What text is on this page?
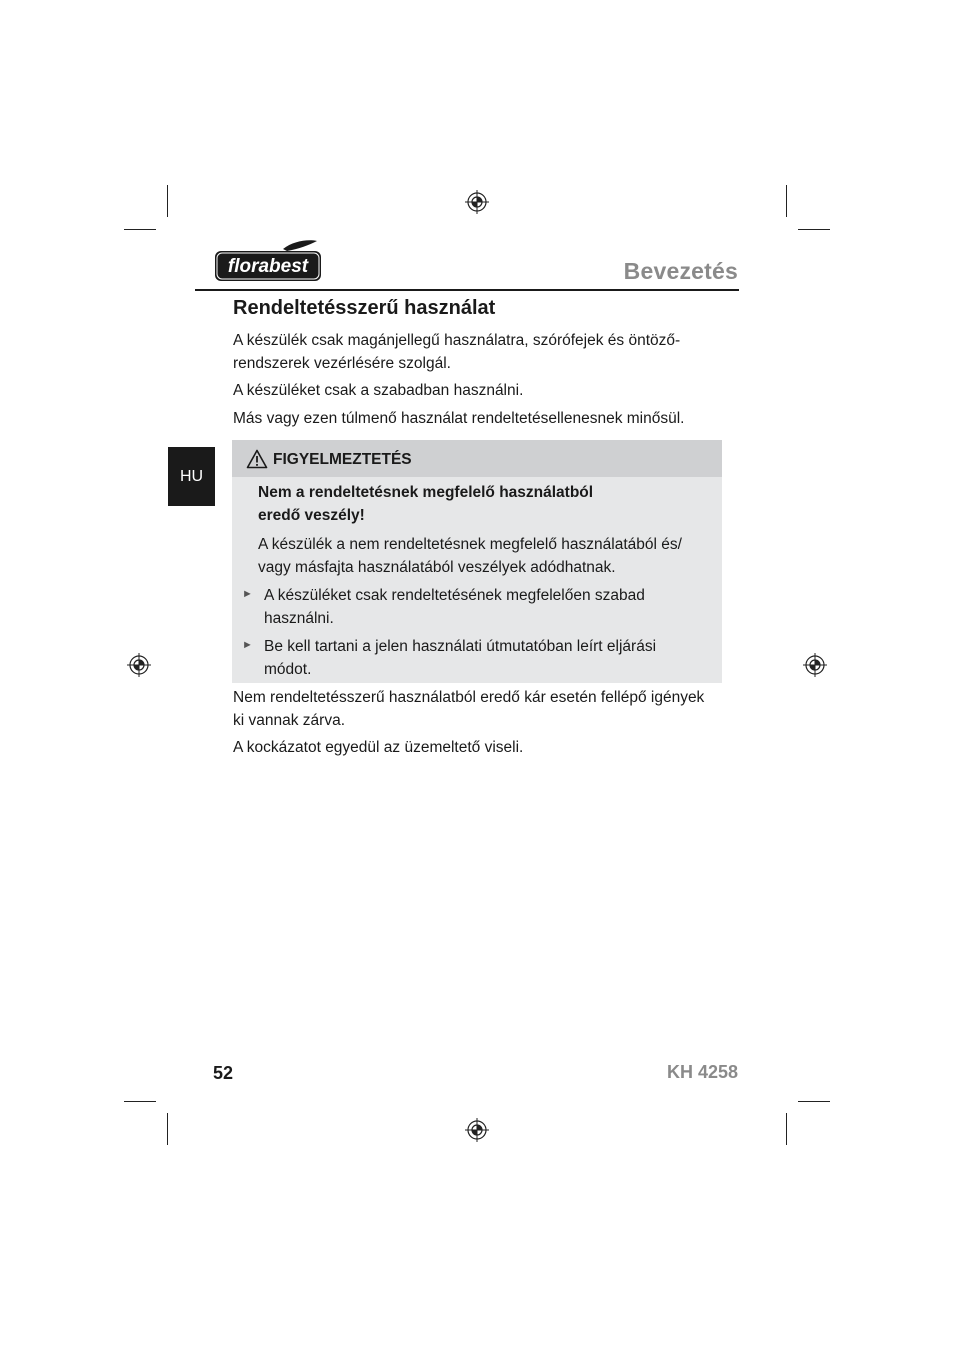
florabest	Bevezetés
HU
Rendeltetésszerű használat
A készülék csak magánjellegű használatra, szórófejek és öntöző-
rendszerek vezérlésére szolgál.
A készüléket csak a szabadban használni.
Más vagy ezen túlmenő használat rendeltetésellenesnek minősül.
FIGYELMEZTETÉS
Nem a rendeltetésnek megfelelő használatból
eredő veszély!
A készülék a nem rendeltetésnek megfelelő használatából és/
vagy másfajta használatából veszélyek adódhatnak.
► A készüléket csak rendeltetésének megfelelően szabad
használni.
► Be kell tartani a jelen használati útmutatóban leírt eljárási
módot.
Nem rendeltetésszerű használatból eredő kár esetén fellépő igények
ki vannak zárva.
A kockázatot egyedül az üzemeltető viseli.
52	KH 4258
